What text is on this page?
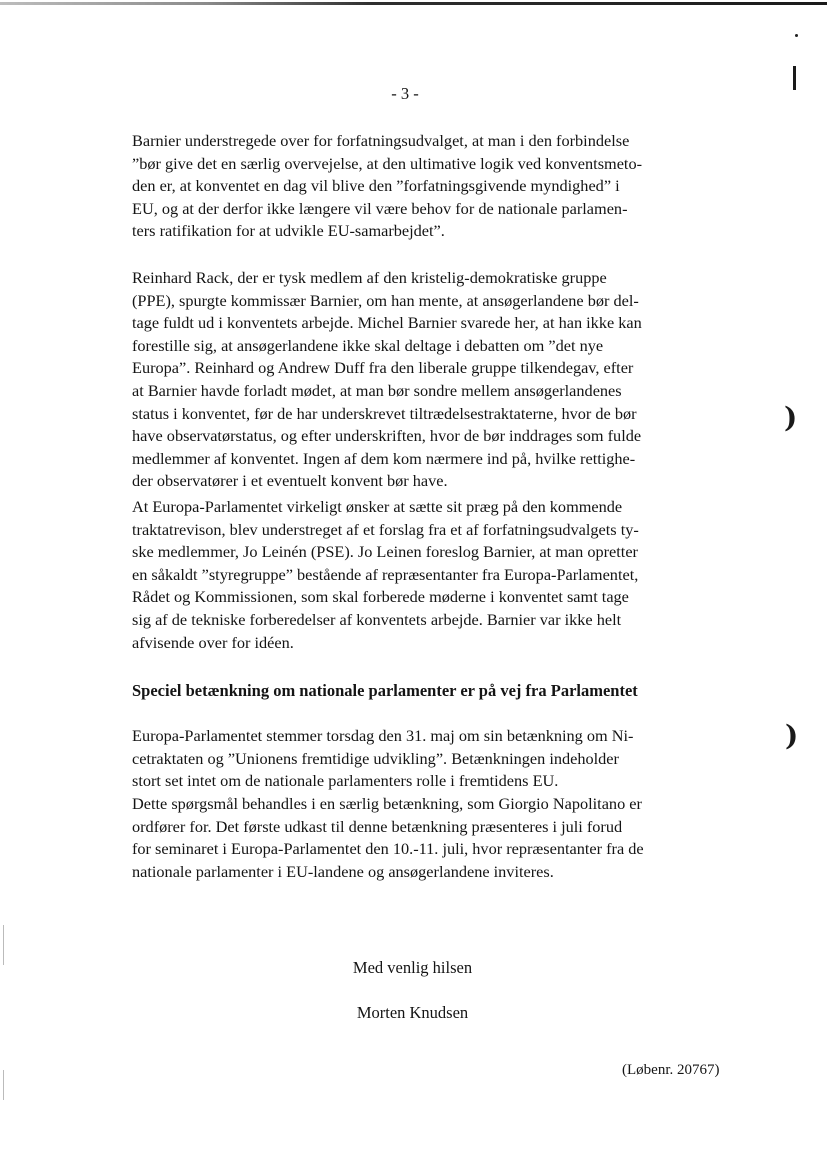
)
)
- 3 -

Barnier understregede over for forfatningsudvalget, at man i den forbindelse
”bør give det en særlig overvejelse, at den ultimative logik ved konventsmeto-
den er, at konventet en dag vil blive den ”forfatningsgivende myndighed” i
EU, og at der derfor ikke længere vil være behov for de nationale parlamen-
ters ratifikation for at udvikle EU-samarbejdet”.

Reinhard Rack, der er tysk medlem af den kristelig-demokratiske gruppe
(PPE), spurgte kommissær Barnier, om han mente, at ansøgerlandene bør del-
tage fuldt ud i konventets arbejde. Michel Barnier svarede her, at han ikke kan
forestille sig, at ansøgerlandene ikke skal deltage i debatten om ”det nye
Europa”. Reinhard og Andrew Duff fra den liberale gruppe tilkendegav, efter
at Barnier havde forladt mødet, at man bør sondre mellem ansøgerlandenes
status i konventet, før de har underskrevet tiltrædelsestraktaterne, hvor de bør
have observatørstatus, og efter underskriften, hvor de bør inddrages som fulde
medlemmer af konventet. Ingen af dem kom nærmere ind på, hvilke rettighe-
der observatører i et eventuelt konvent bør have.

At Europa-Parlamentet virkeligt ønsker at sætte sit præg på den kommende
traktatrevison, blev understreget af et forslag fra et af forfatningsudvalgets ty-
ske medlemmer, Jo Leinén (PSE). Jo Leinen foreslog Barnier, at man opretter
en såkaldt ”styregruppe” bestående af repræsentanter fra Europa-Parlamentet,
Rådet og Kommissionen, som skal forberede møderne i konventet samt tage
sig af de tekniske forberedelser af konventets arbejde. Barnier var ikke helt
afvisende over for idéen.

Speciel betænkning om nationale parlamenter er på vej fra Parlamentet

Europa-Parlamentet stemmer torsdag den 31. maj om sin betænkning om Ni-
cetraktaten og ”Unionens fremtidige udvikling”. Betænkningen indeholder
stort set intet om de nationale parlamenters rolle i fremtidens EU.

Dette spørgsmål behandles i en særlig betænkning, som Giorgio Napolitano er
ordfører for. Det første udkast til denne betænkning præsenteres i juli forud
for seminaret i Europa-Parlamentet den 10.-11. juli, hvor repræsentanter fra de
nationale parlamenter i EU-landene og ansøgerlandene inviteres.

Med venlig hilsen
Morten Knudsen
(Løbenr. 20767)
